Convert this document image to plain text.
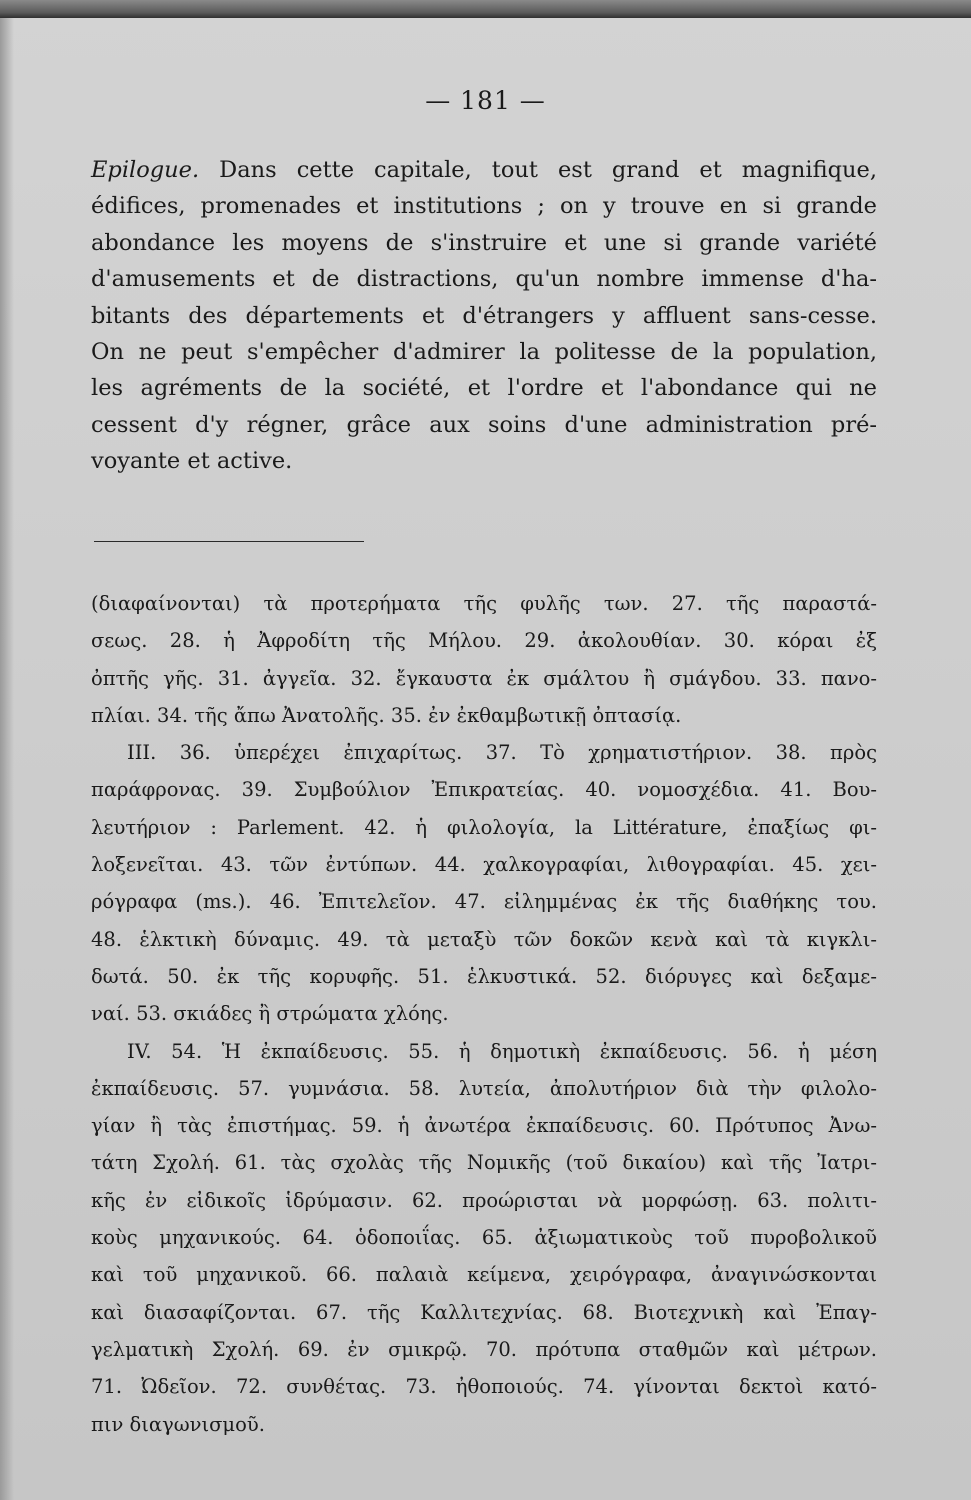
— 181 —
Epilogue. Dans cette capitale, tout est grand et magnifique,
édifices, promenades et institutions ; on y trouve en si grande
abondance les moyens de s'instruire et une si grande variété
d'amusements et de distractions, qu'un nombre immense d'ha-
bitants des départements et d'étrangers y affluent sans-cesse.
On ne peut s'empêcher d'admirer la politesse de la population,
les agréments de la société, et l'ordre et l'abondance qui ne
cessent d'y régner, grâce aux soins d'une administration pré-
voyante et active.
(διαφαίνονται) τὰ προτερήματα τῆς φυλῆς των. 27. τῆς παραστά-
σεως. 28. ἡ Ἀφροδίτη τῆς Μήλου. 29. ἀκολουθίαν. 30. κόραι ἐξ
ὀπτῆς γῆς. 31. ἀγγεῖα. 32. ἔγκαυστα ἐκ σμάλτου ἢ σμάγδου. 33. πανο-
πλίαι. 34. τῆς ἄπω Ἀνατολῆς. 35. ἐν ἐκθαμβωτικῇ ὀπτασίᾳ.
III. 36. ὑπερέχει ἐπιχαρίτως. 37. Τὸ χρηματιστήριον. 38. πρὸς
παράφρονας. 39. Συμβούλιον Ἐπικρατείας. 40. νομοσχέδια. 41. Βου-
λευτήριον : Parlement. 42. ἡ φιλολογία, la Littérature, ἐπαξίως φι-
λοξενεῖται. 43. τῶν ἐντύπων. 44. χαλκογραφίαι, λιθογραφίαι. 45. χει-
ρόγραφα (ms.). 46. Ἐπιτελεῖον. 47. εἰλημμένας ἐκ τῆς διαθήκης του.
48. ἑλκτικὴ δύναμις. 49. τὰ μεταξὺ τῶν δοκῶν κενὰ καὶ τὰ κιγκλι-
δωτά. 50. ἐκ τῆς κορυφῆς. 51. ἑλκυστικά. 52. διόρυγες καὶ δεξαμε-
ναί. 53. σκιάδες ἢ στρώματα χλόης.
IV. 54. Ἡ ἐκπαίδευσις. 55. ἡ δημοτικὴ ἐκπαίδευσις. 56. ἡ μέση
ἐκπαίδευσις. 57. γυμνάσια. 58. λυτεία, ἀπολυτήριον διὰ τὴν φιλολο-
γίαν ἢ τὰς ἐπιστήμας. 59. ἡ ἀνωτέρα ἐκπαίδευσις. 60. Πρότυπος Ἀνω-
τάτη Σχολή. 61. τὰς σχολὰς τῆς Νομικῆς (τοῦ δικαίου) καὶ τῆς Ἰατρι-
κῆς ἐν εἰδικοῖς ἱδρύμασιν. 62. προώρισται νὰ μορφώσῃ. 63. πολιτι-
κοὺς μηχανικούς. 64. ὁδοποιΐας. 65. ἀξιωματικοὺς τοῦ πυροβολικοῦ
καὶ τοῦ μηχανικοῦ. 66. παλαιὰ κείμενα, χειρόγραφα, ἀναγινώσκονται
καὶ διασαφίζονται. 67. τῆς Καλλιτεχνίας. 68. Βιοτεχνικὴ καὶ Ἐπαγ-
γελματικὴ Σχολή. 69. ἐν σμικρῷ. 70. πρότυπα σταθμῶν καὶ μέτρων.
71. Ὠδεῖον. 72. συνθέτας. 73. ἠθοποιούς. 74. γίνονται δεκτοὶ κατό-
πιν διαγωνισμοῦ.
